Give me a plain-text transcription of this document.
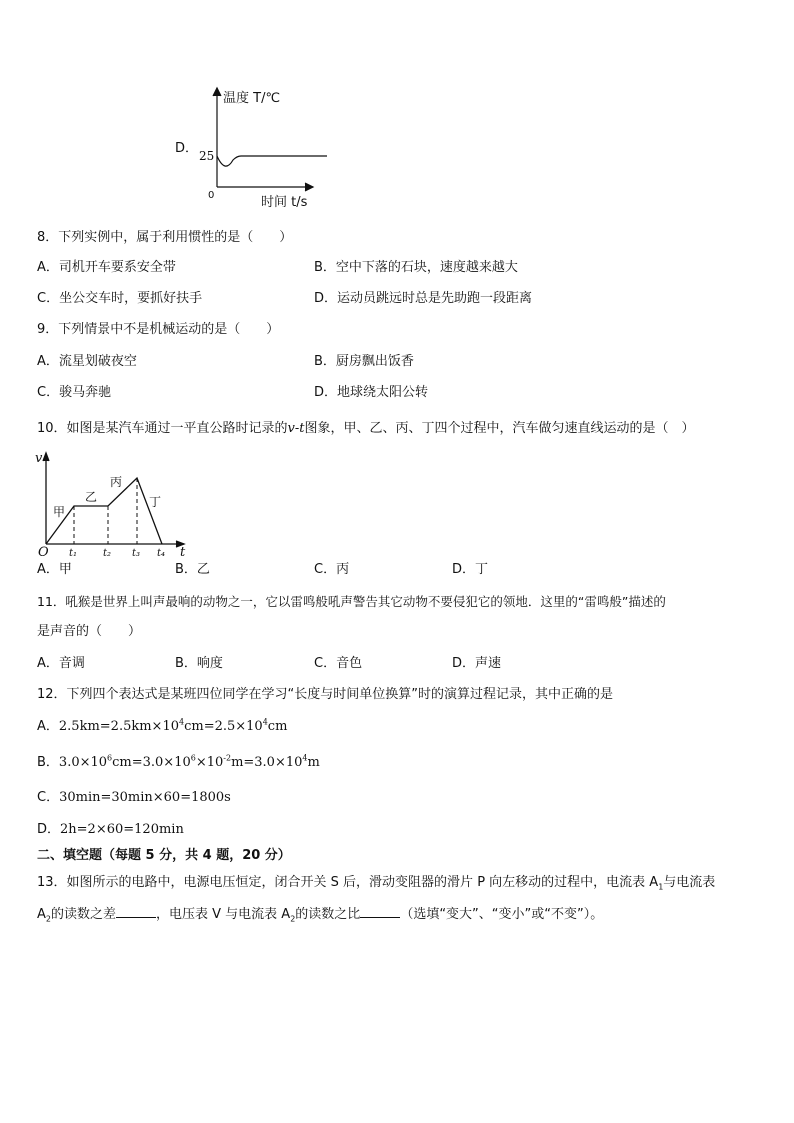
D．
温度 T/℃
25
0	时间 t/s
8．下列实例中，属于利用惯性的是（　　）
A．司机开车要系安全带	B．空中下落的石块，速度越来越大
C．坐公交车时，要抓好扶手	D．运动员跳远时总是先助跑一段距离
9．下列情景中不是机械运动的是（　　）
A．流星划破夜空	B．厨房飘出饭香
C．骏马奔驰	D．地球绕太阳公转
10．如图是某汽车通过一平直公路时记录的v-t图象，甲、乙、丙、丁四个过程中，汽车做匀速直线运动的是（　）
v
t
O
甲
乙
丙
丁
t₁	t₂ t₃ t₄
A．甲	B．乙	C．丙	D．丁
11．吼猴是世界上叫声最响的动物之一，它以雷鸣般吼声警告其它动物不要侵犯它的领地．这里的“雷鸣般”描述的
是声音的（　　）
A．音调	B．响度	C．音色	D．声速
12．下列四个表达式是某班四位同学在学习“长度与时间单位换算”时的演算过程记录，其中正确的是
A．$2.5km=2.5km\times 10^4cm=2.5\times 10^4cm$
B．$3.0\times 10^6cm=3.0\times 10^6\times 10^{-2}m=3.0\times 10^4m$
C．30min=30min×60=1800s
D．2h=2×60=120min
二、填空题（每题 5 分，共 4 题，20 分）
13．如图所示的电路中，电源电压恒定，闭合开关 S 后，滑动变阻器的滑片 P 向左移动的过程中，电流表 $A_1$与电流表
$A_2$的读数之差	，电压表 V 与电流表 $A_2$的读数之比	（选填“变大”、“变小”或“不变”）。
